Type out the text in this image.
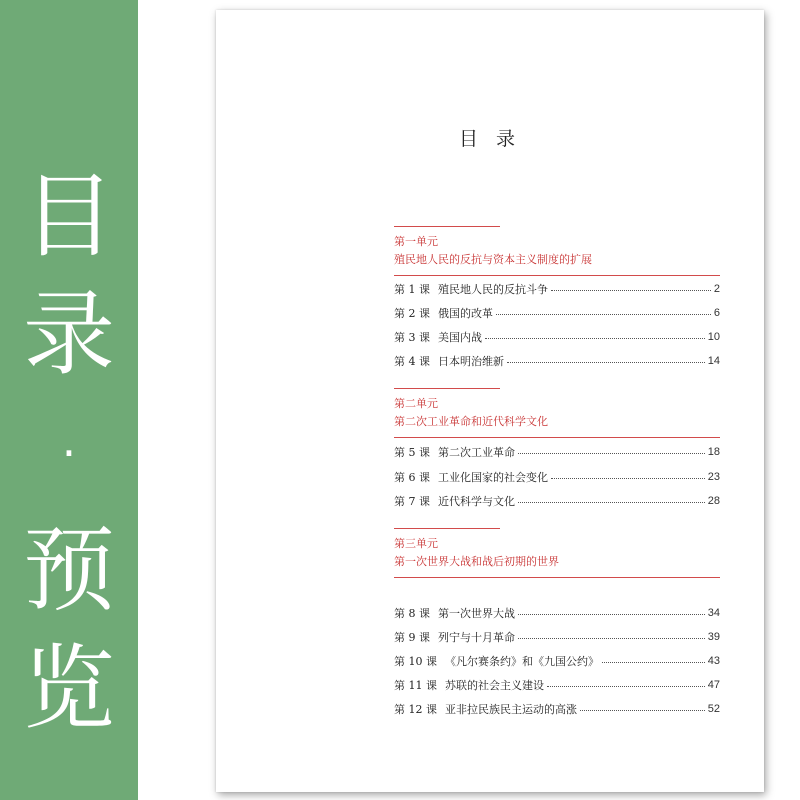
目
录
·
预
览
目 录
第一单元
殖民地人民的反抗与资本主义制度的扩展
第 1 课 殖民地人民的反抗斗争	2
第 2 课 俄国的改革	6
第 3 课 美国内战	10
第 4 课 日本明治维新	14
第二单元
第二次工业革命和近代科学文化
第 5 课 第二次工业革命	18
第 6 课 工业化国家的社会变化	23
第 7 课 近代科学与文化	28
第三单元
第一次世界大战和战后初期的世界
第 8 课 第一次世界大战	34
第 9 课 列宁与十月革命	39
第 10 课 《凡尔赛条约》和《九国公约》	43
第 11 课 苏联的社会主义建设	47
第 12 课 亚非拉民族民主运动的高涨	52
